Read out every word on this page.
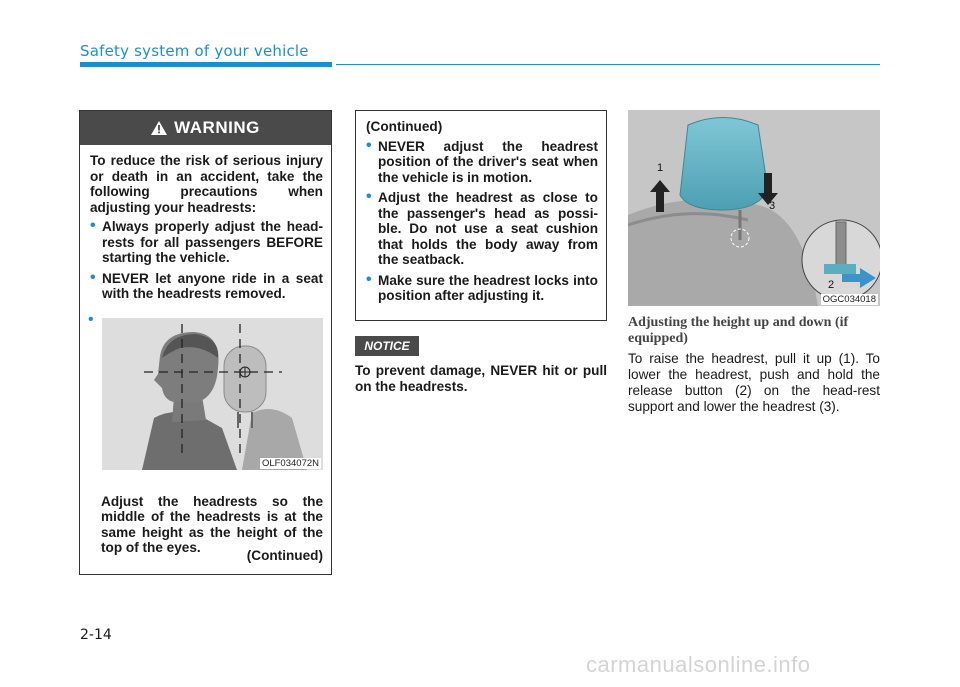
Safety system of your vehicle
WARNING

To reduce the risk of serious injury or death in an accident, take the following precautions when adjusting your headrests:

• Always properly adjust the head-rests for all passengers BEFORE starting the vehicle.
• NEVER let anyone ride in a seat with the headrests removed.
•
OLF034072N

Adjust the headrests so the middle of the headrests is at the same height as the height of the top of the eyes.

(Continued)

(Continued)

• NEVER adjust the headrest position of the driver's seat when the vehicle is in motion.
• Adjust the headrest as close to the passenger's head as possi-ble. Do not use a seat cushion that holds the body away from the seatback.
• Make sure the headrest locks into position after adjusting it.
NOTICE

To prevent damage, NEVER hit or pull on the headrests.

1
3
2
OGC034018

Adjusting the height up and down (if equipped)

To raise the headrest, pull it up (1). To lower the headrest, push and hold the release button (2) on the head-rest support and lower the headrest (3).

2-14
carmanualsonline.info
